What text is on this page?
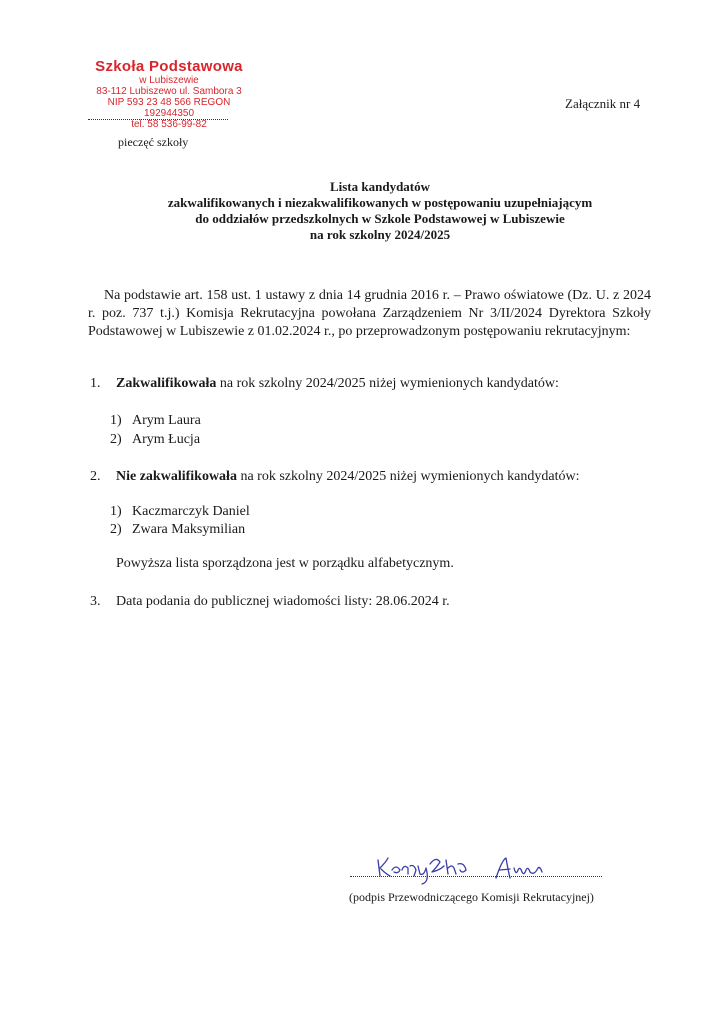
Szkoła Podstawowa
w Lubiszewie
83-112 Lubiszewo ul. Sambora 3
NIP 593 23 48 566 REGON 192944350
tel. 58 536-99-82
pieczęć szkoły
Załącznik nr 4
Lista kandydatów
zakwalifikowanych i niezakwalifikowanych w postępowaniu uzupełniającym
do oddziałów przedszkolnych w Szkole Podstawowej w Lubiszewie
na rok szkolny 2024/2025
Na podstawie art. 158 ust. 1 ustawy z dnia 14 grudnia 2016 r. – Prawo oświatowe (Dz. U. z 2024 r. poz. 737 t.j.) Komisja Rekrutacyjna powołana Zarządzeniem Nr 3/II/2024 Dyrektora Szkoły Podstawowej w Lubiszewie z 01.02.2024 r., po przeprowadzonym postępowaniu rekrutacyjnym:
1. Zakwalifikowała na rok szkolny 2024/2025 niżej wymienionych kandydatów:
1) Arym Laura
2) Arym Łucja
2. Nie zakwalifikowała na rok szkolny 2024/2025 niżej wymienionych kandydatów:
1) Kaczmarczyk Daniel
2) Zwara Maksymilian
Powyższa lista sporządzona jest w porządku alfabetycznym.
3. Data podania do publicznej wiadomości listy: 28.06.2024 r.
(podpis Przewodniczącego Komisji Rekrutacyjnej)
